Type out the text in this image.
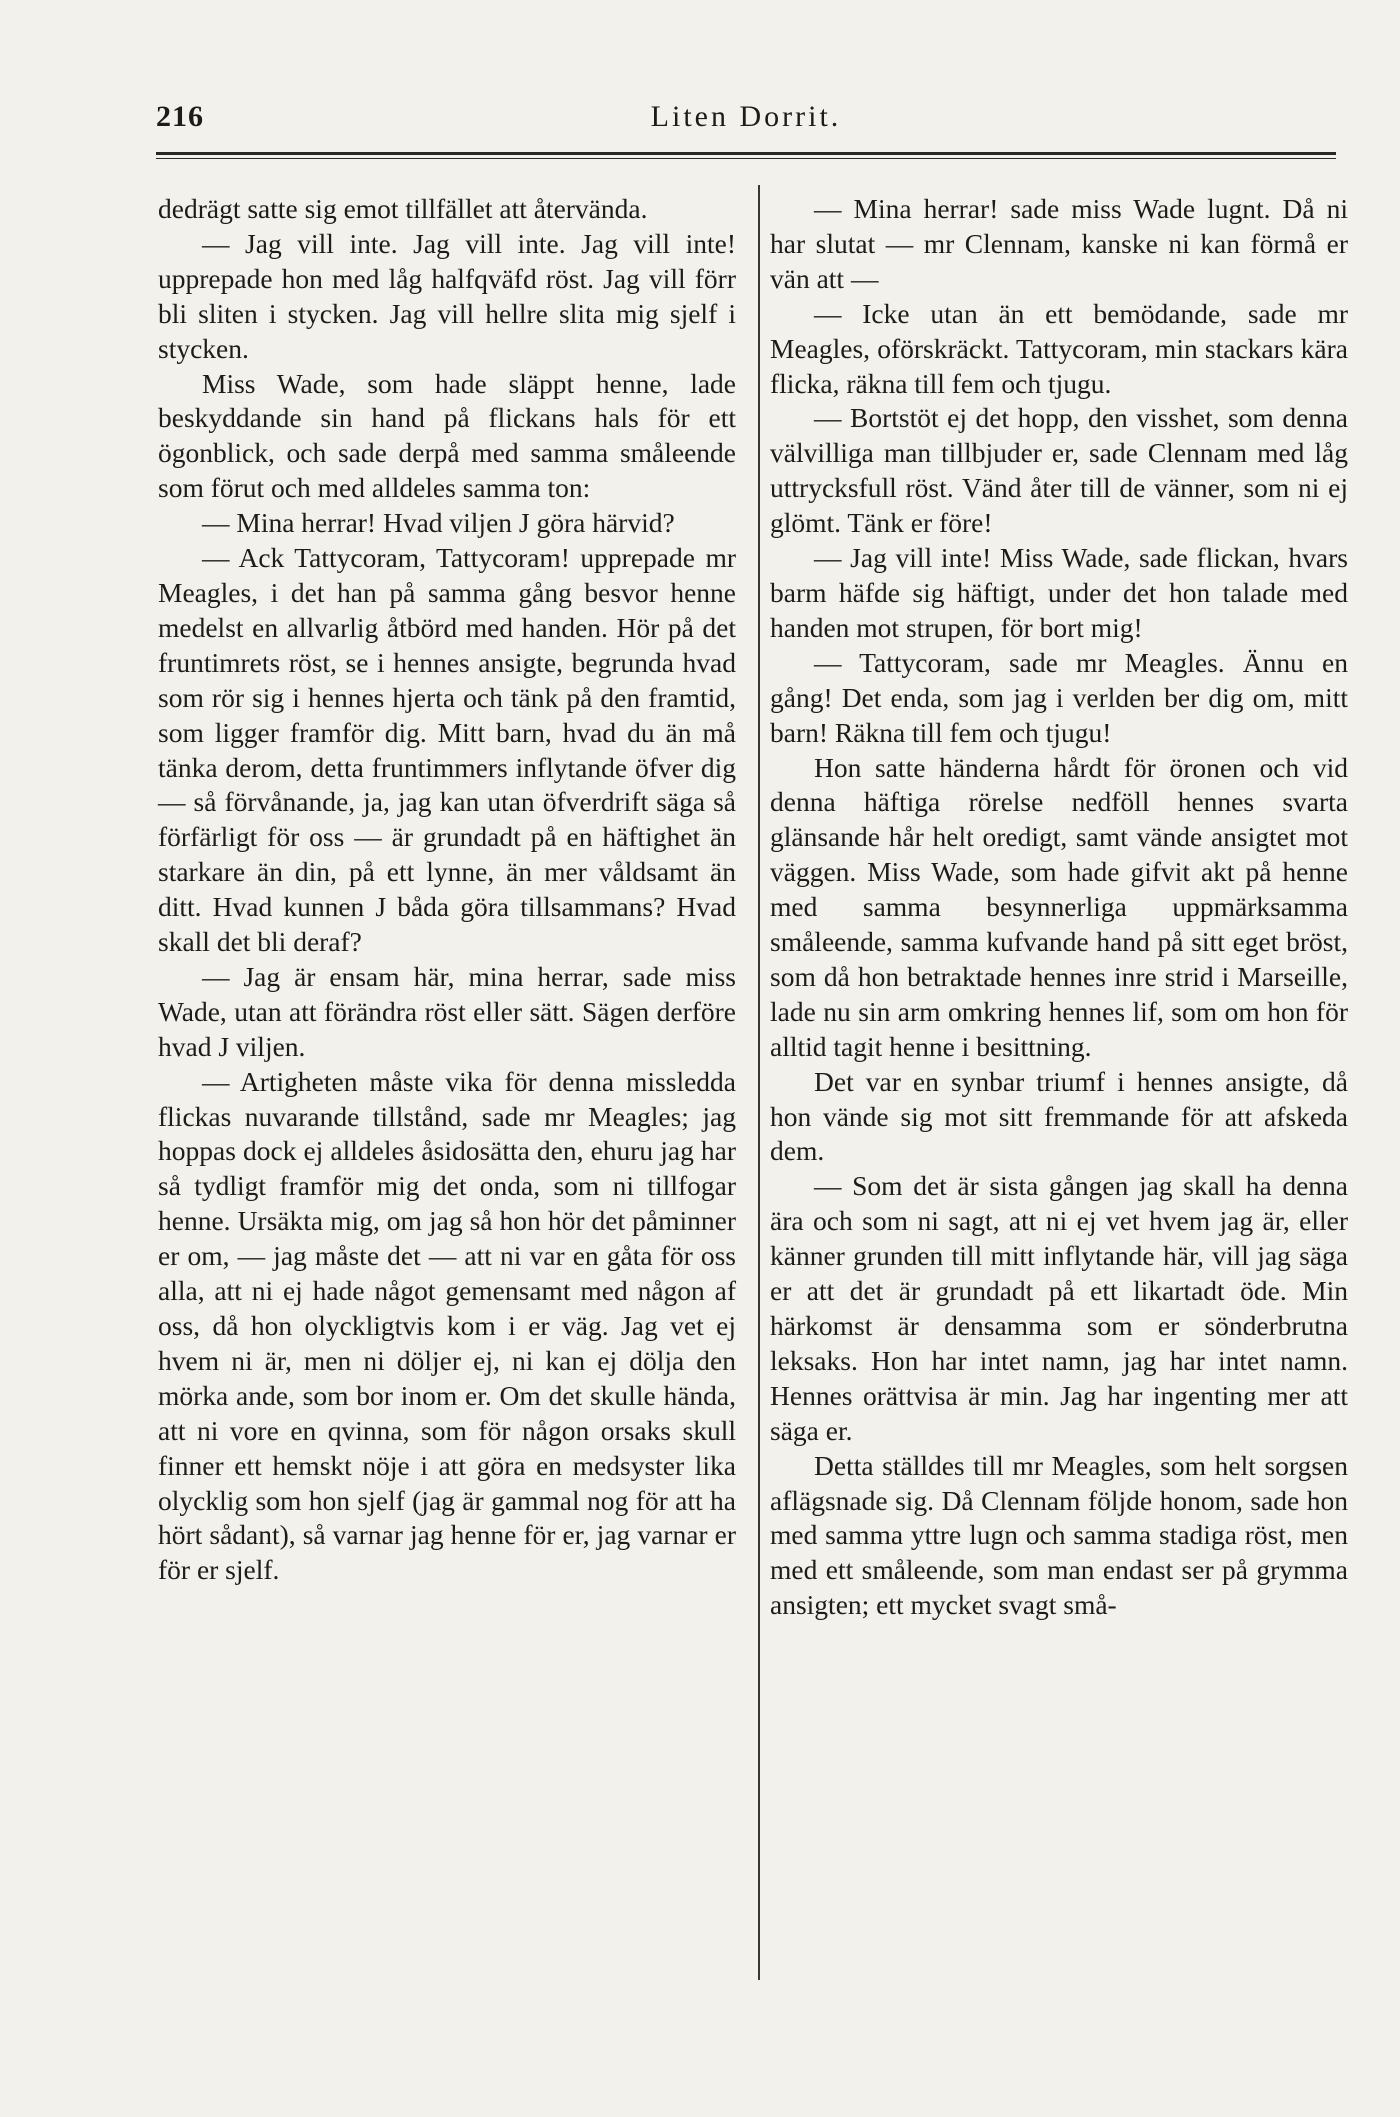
216	Liten Dorrit.

dedrägt satte sig emot tillfället att återvända.

— Jag vill inte. Jag vill inte. Jag vill inte! upprepade hon med låg halfqväfd röst. Jag vill förr bli sliten i stycken. Jag vill hellre slita mig sjelf i stycken.

Miss Wade, som hade släppt henne, lade beskyddande sin hand på flickans hals för ett ögonblick, och sade derpå med samma småleende som förut och med alldeles samma ton:

— Mina herrar! Hvad viljen J göra härvid?

— Ack Tattycoram, Tattycoram! upprepade mr Meagles, i det han på samma gång besvor henne medelst en allvarlig åtbörd med handen. Hör på det fruntimrets röst, se i hennes ansigte, begrunda hvad som rör sig i hennes hjerta och tänk på den framtid, som ligger framför dig. Mitt barn, hvad du än må tänka derom, detta fruntimmers inflytande öfver dig — så förvånande, ja, jag kan utan öfverdrift säga så förfärligt för oss — är grundadt på en häftighet än starkare än din, på ett lynne, än mer våldsamt än ditt. Hvad kunnen J båda göra tillsammans? Hvad skall det bli deraf?

— Jag är ensam här, mina herrar, sade miss Wade, utan att förändra röst eller sätt. Sägen derföre hvad J viljen.

— Artigheten måste vika för denna missledda flickas nuvarande tillstånd, sade mr Meagles; jag hoppas dock ej alldeles åsidosätta den, ehuru jag har så tydligt framför mig det onda, som ni tillfogar henne. Ursäkta mig, om jag så hon hör det påminner er om, — jag måste det — att ni var en gåta för oss alla, att ni ej hade något gemensamt med någon af oss, då hon olyckligtvis kom i er väg. Jag vet ej hvem ni är, men ni döljer ej, ni kan ej dölja den mörka ande, som bor inom er. Om det skulle hända, att ni vore en qvinna, som för någon orsaks skull finner ett hemskt nöje i att göra en medsyster lika olycklig som hon sjelf (jag är gammal nog för att ha hört sådant), så varnar jag henne för er, jag varnar er för er sjelf.

— Mina herrar! sade miss Wade lugnt. Då ni har slutat — mr Clennam, kanske ni kan förmå er vän att —

— Icke utan än ett bemödande, sade mr Meagles, oförskräckt. Tattycoram, min stackars kära flicka, räkna till fem och tjugu.

— Bortstöt ej det hopp, den visshet, som denna välvilliga man tillbjuder er, sade Clennam med låg uttrycksfull röst. Vänd åter till de vänner, som ni ej glömt. Tänk er före!

— Jag vill inte! Miss Wade, sade flickan, hvars barm häfde sig häftigt, under det hon talade med handen mot strupen, för bort mig!

— Tattycoram, sade mr Meagles. Ännu en gång! Det enda, som jag i verlden ber dig om, mitt barn! Räkna till fem och tjugu!

Hon satte händerna hårdt för öronen och vid denna häftiga rörelse nedföll hennes svarta glänsande hår helt oredigt, samt vände ansigtet mot väggen. Miss Wade, som hade gifvit akt på henne med samma besynnerliga uppmärksamma småleende, samma kufvande hand på sitt eget bröst, som då hon betraktade hennes inre strid i Marseille, lade nu sin arm omkring hennes lif, som om hon för alltid tagit henne i besittning.

Det var en synbar triumf i hennes ansigte, då hon vände sig mot sitt fremmande för att afskeda dem.

— Som det är sista gången jag skall ha denna ära och som ni sagt, att ni ej vet hvem jag är, eller känner grunden till mitt inflytande här, vill jag säga er att det är grundadt på ett likartadt öde. Min härkomst är densamma som er sönderbrutna leksaks. Hon har intet namn, jag har intet namn. Hennes orättvisa är min. Jag har ingenting mer att säga er.

Detta ställdes till mr Meagles, som helt sorgsen aflägsnade sig. Då Clennam följde honom, sade hon med samma yttre lugn och samma stadiga röst, men med ett småleende, som man endast ser på grymma ansigten; ett mycket svagt små-
